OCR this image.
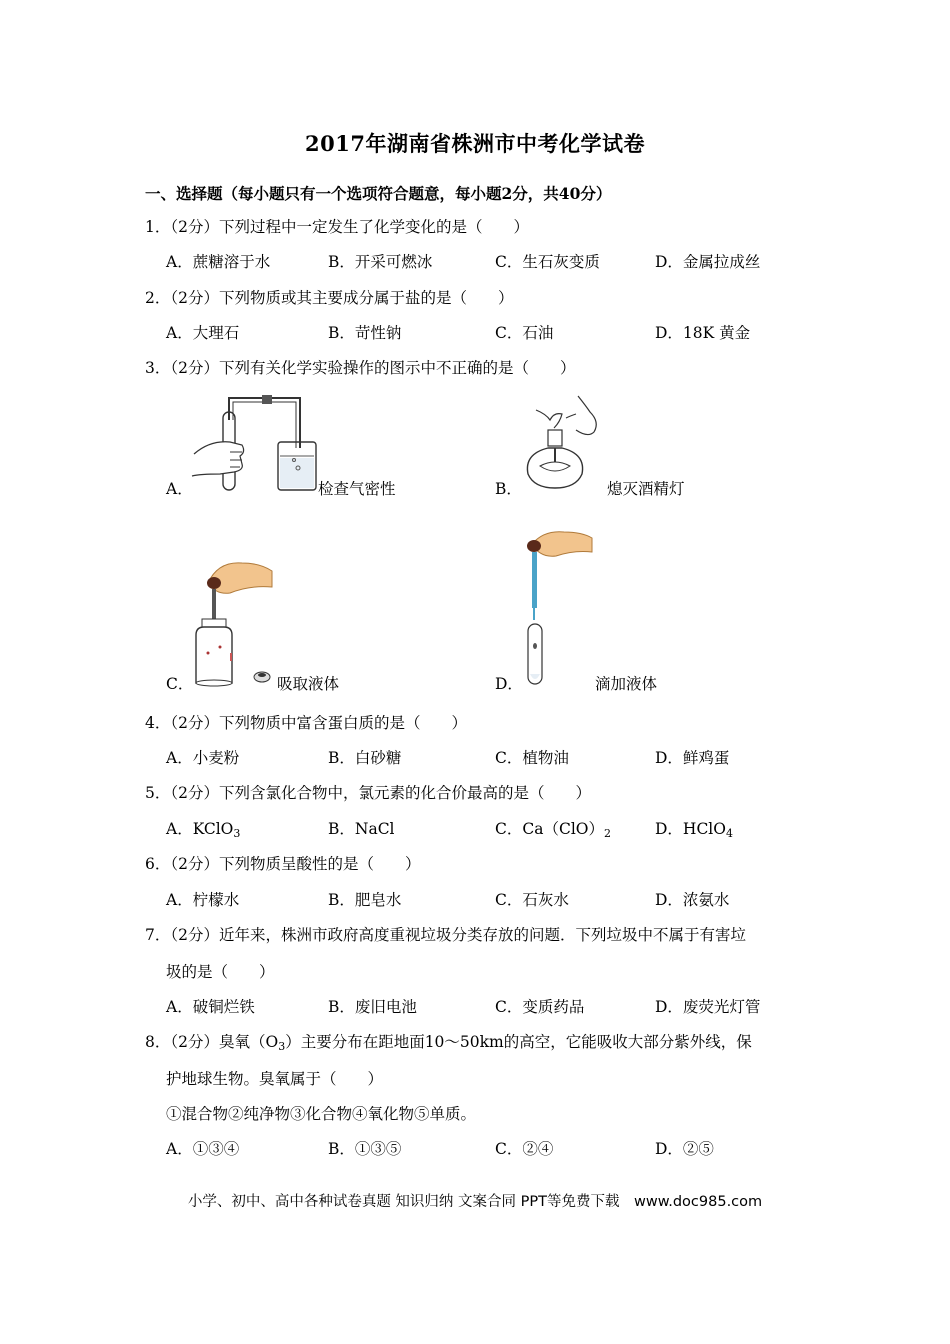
2017年湖南省株洲市中考化学试卷
一、选择题（每小题只有一个选项符合题意，每小题2分，共40分）
1．（2分）下列过程中一定发生了化学变化的是（　　）
A．蔗糖溶于水	B．开采可燃冰	C．生石灰变质	D．金属拉成丝
2．（2分）下列物质或其主要成分属于盐的是（　　）
A．大理石	B．苛性钠	C．石油	D．18K 黄金
3．（2分）下列有关化学实验操作的图示中不正确的是（　　）
A．	检查气密性	B．	熄灭酒精灯
C．	吸取液体	D．	滴加液体
4．（2分）下列物质中富含蛋白质的是（　　）
A．小麦粉	B．白砂糖	C．植物油	D．鲜鸡蛋
5．（2分）下列含氯化合物中，氯元素的化合价最高的是（　　）
A．KClO$_3$	B．NaCl	C．$Ca(ClO)_2$	D．HClO$_4$
6．（2分）下列物质呈酸性的是（　　）
A．柠檬水	B．肥皂水	C．石灰水	D．浓氨水
7．（2分）近年来，株洲市政府高度重视垃圾分类存放的问题．下列垃圾中不属于有害垃
圾的是（　　）
A．破铜烂铁	B．废旧电池	C．变质药品	D．废荧光灯管
8．（2分）臭氧$(O_3)$主要分布在距地面10～50km的高空，它能吸收大部分紫外线，保
护地球生物。臭氧属于（　　）
①混合物②纯净物③化合物④氧化物⑤单质。
A．①③④	B．①③⑤	C．②④	D．②⑤
小学、初中、高中各种试卷真题 知识归纳 文案合同 PPT等免费下载　www.doc985.com
